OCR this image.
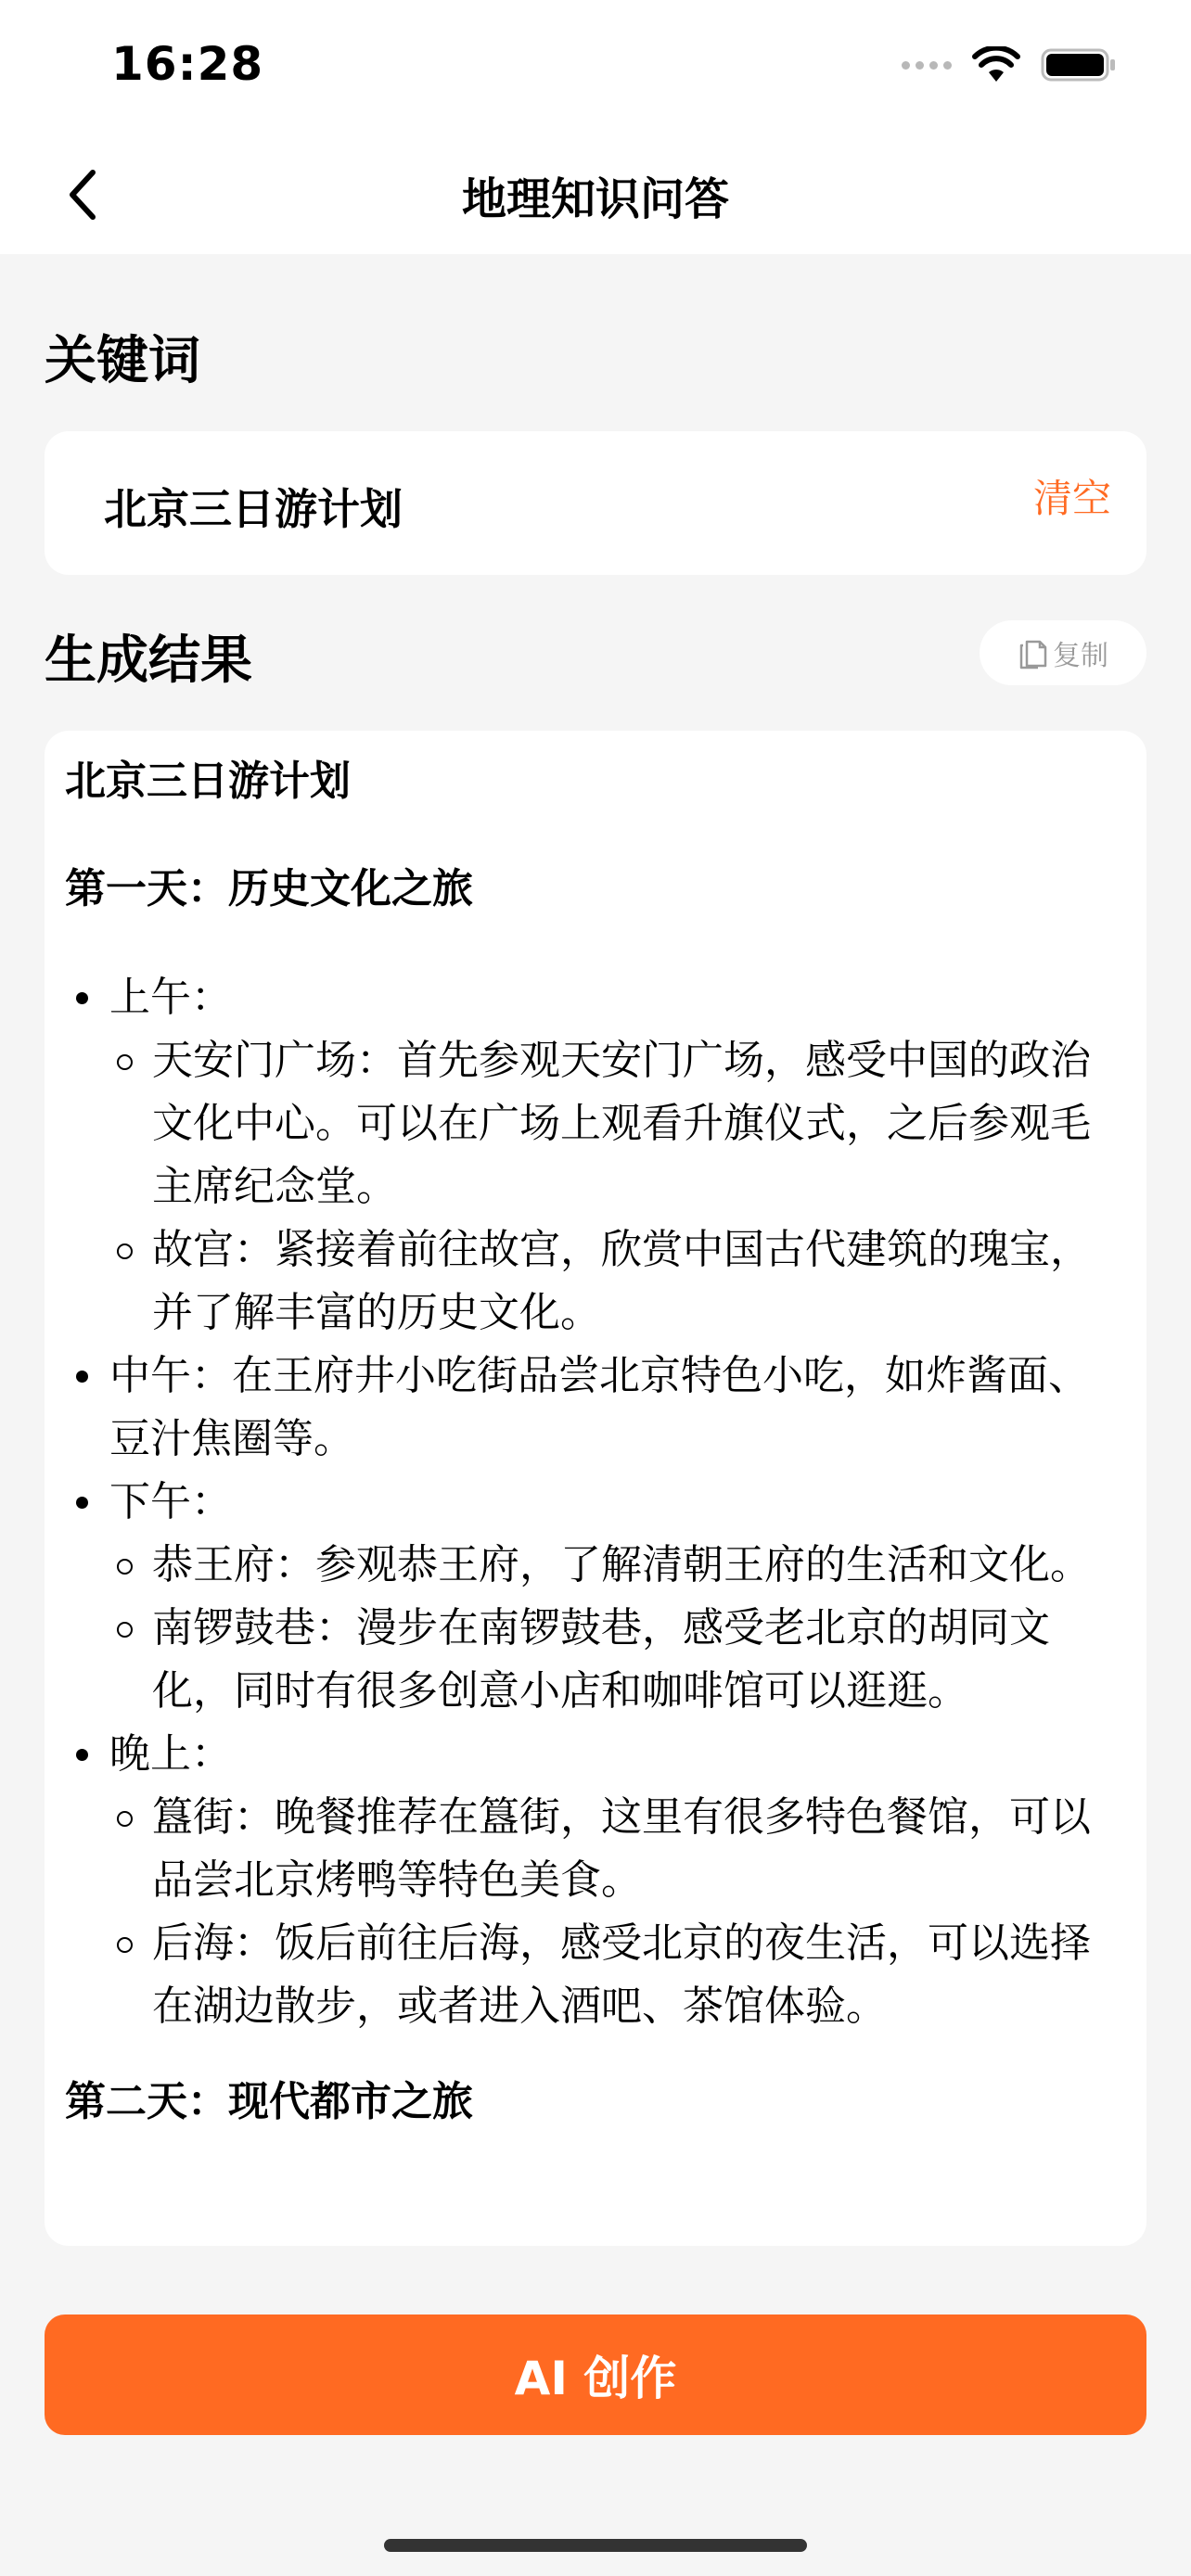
16:28
地理知识问答
关键词
北京三日游计划	清空
生成结果	复制
北京三日游计划
第一天：历史文化之旅
上午：
天安门广场：首先参观天安门广场，感受中国的政治文化中心。可以在广场上观看升旗仪式，之后参观毛主席纪念堂。
故宫：紧接着前往故宫，欣赏中国古代建筑的瑰宝，并了解丰富的历史文化。
中午：在王府井小吃街品尝北京特色小吃，如炸酱面、豆汁焦圈等。
下午：
恭王府：参观恭王府，了解清朝王府的生活和文化。
南锣鼓巷：漫步在南锣鼓巷，感受老北京的胡同文化，同时有很多创意小店和咖啡馆可以逛逛。
晚上：
簋街：晚餐推荐在簋街，这里有很多特色餐馆，可以品尝北京烤鸭等特色美食。
后海：饭后前往后海，感受北京的夜生活，可以选择在湖边散步，或者进入酒吧、茶馆体验。
第二天：现代都市之旅
AI 创作
